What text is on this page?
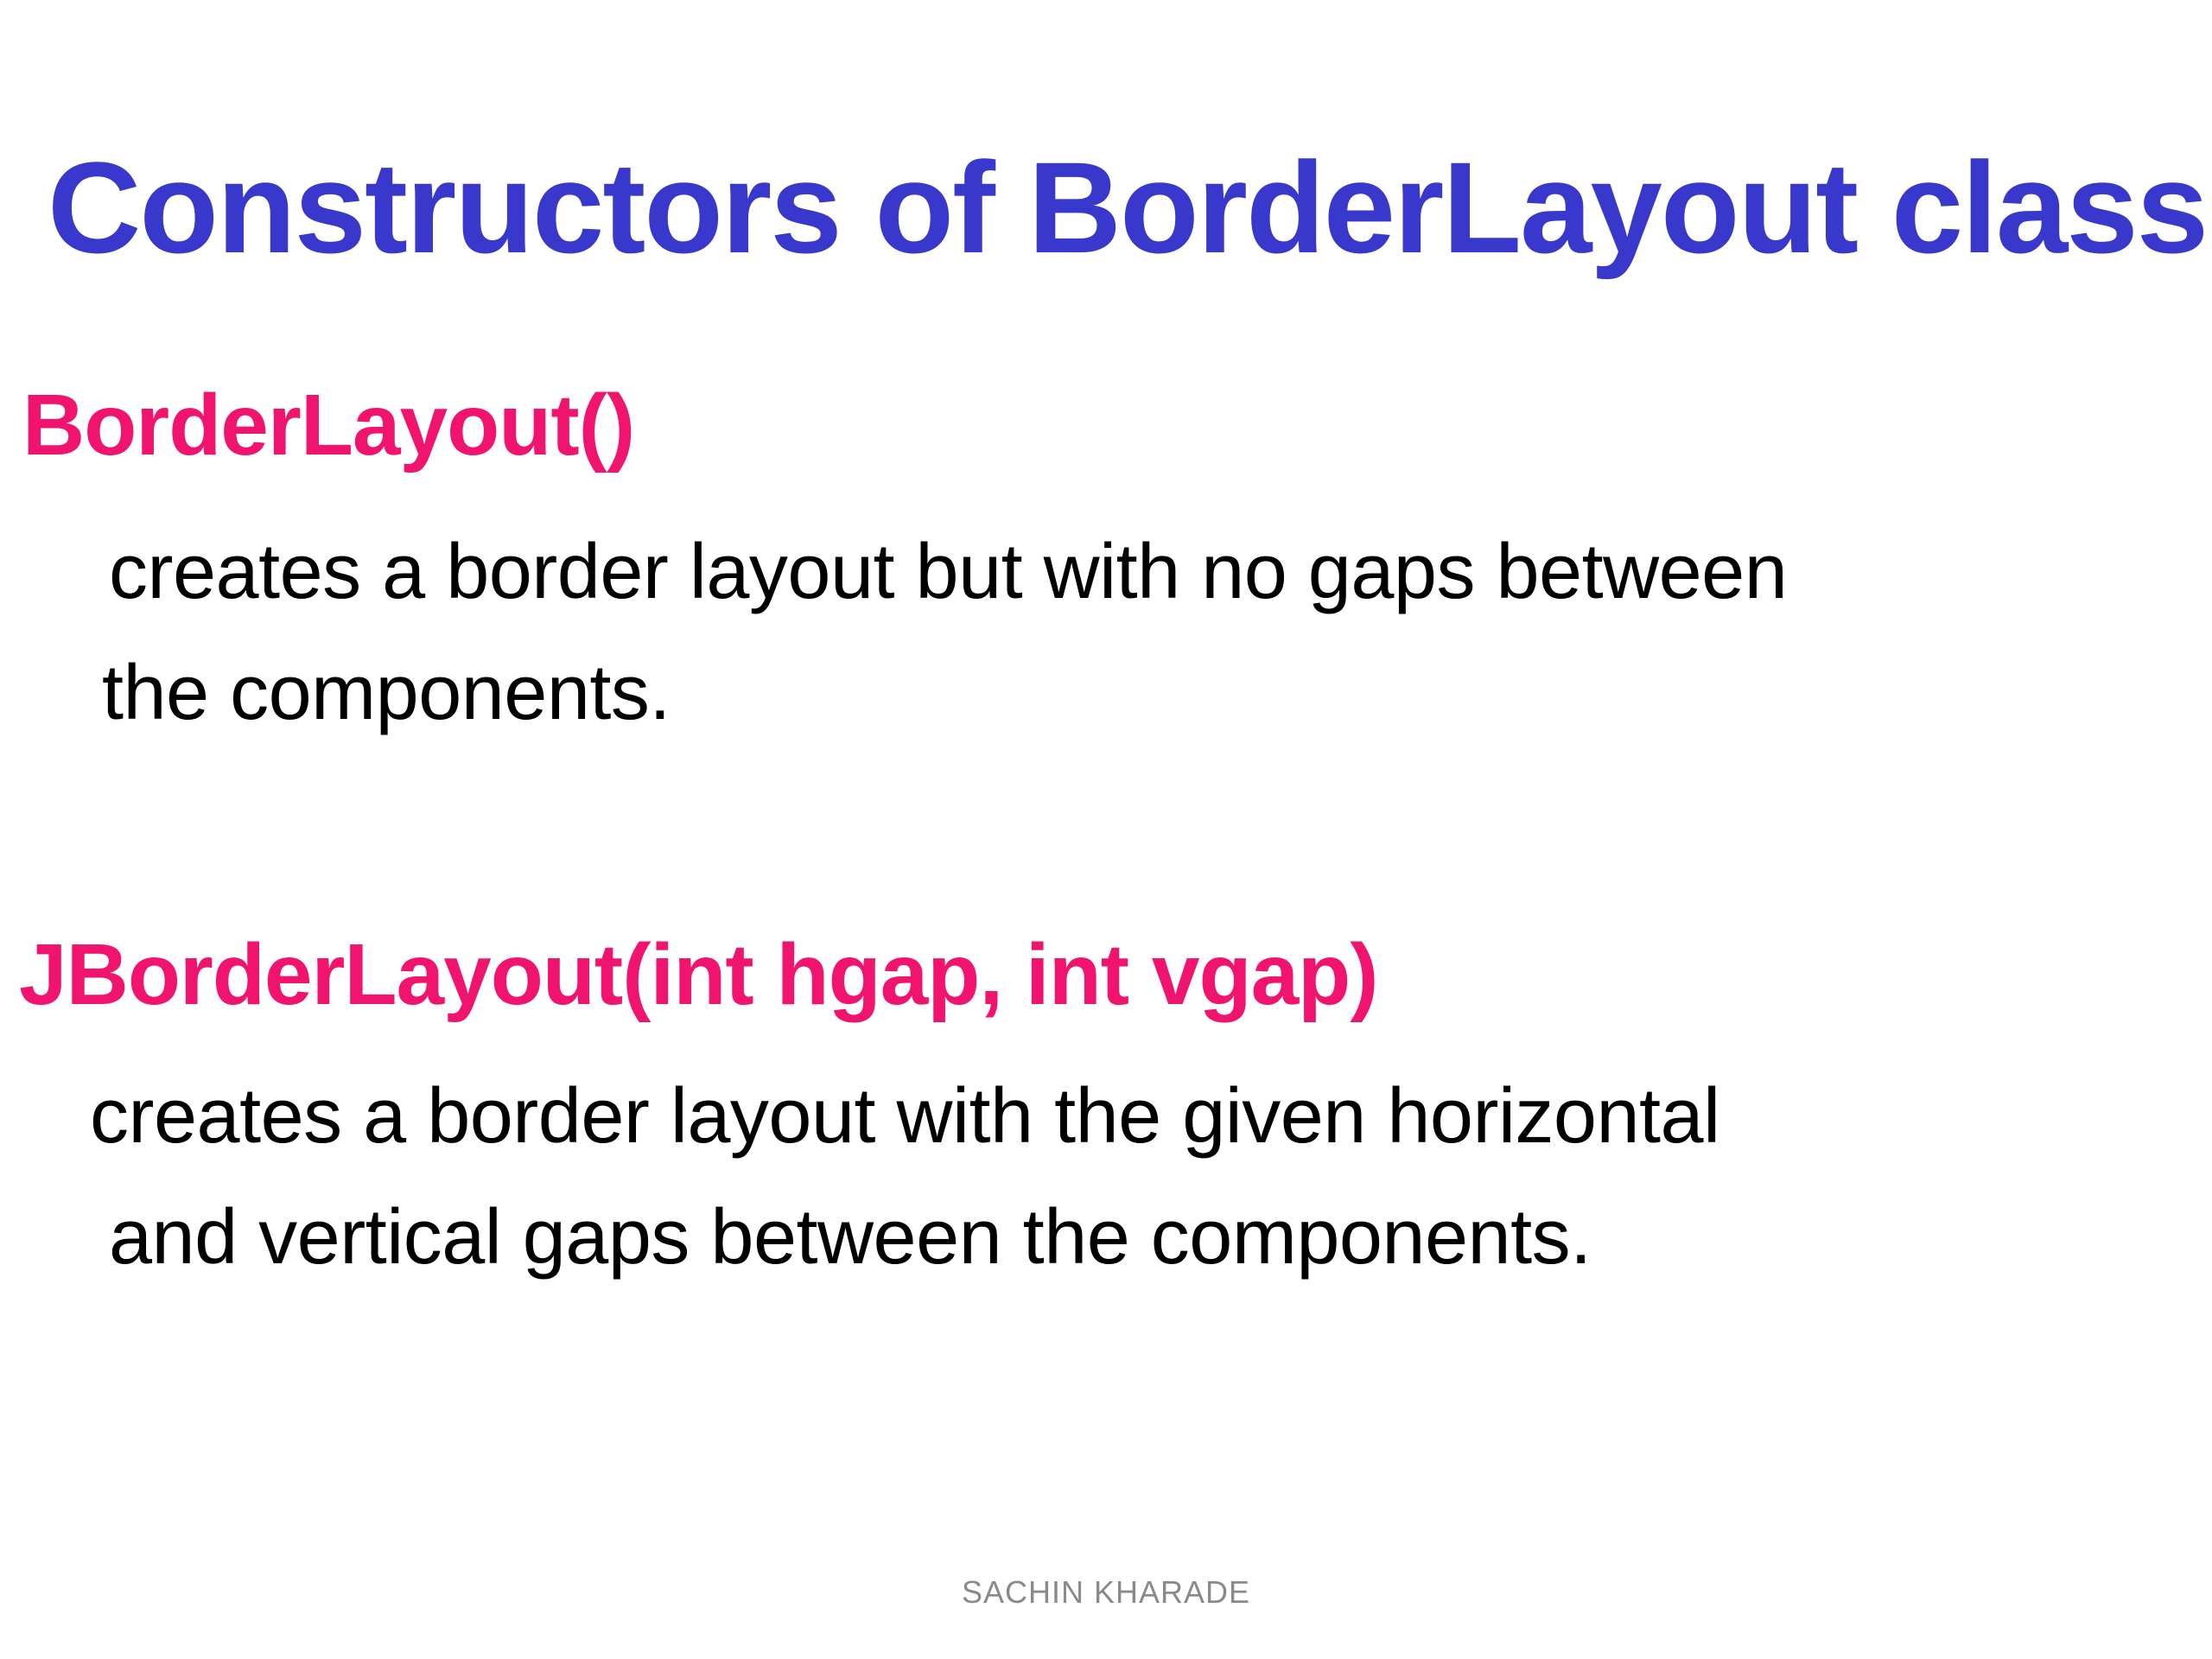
Constructors of BorderLayout class
BorderLayout()

creates a border layout but with no gaps between
the components.

JBorderLayout(int hgap, int vgap)

creates a border layout with the given horizontal
and vertical gaps between the components.

SACHIN KHARADE
